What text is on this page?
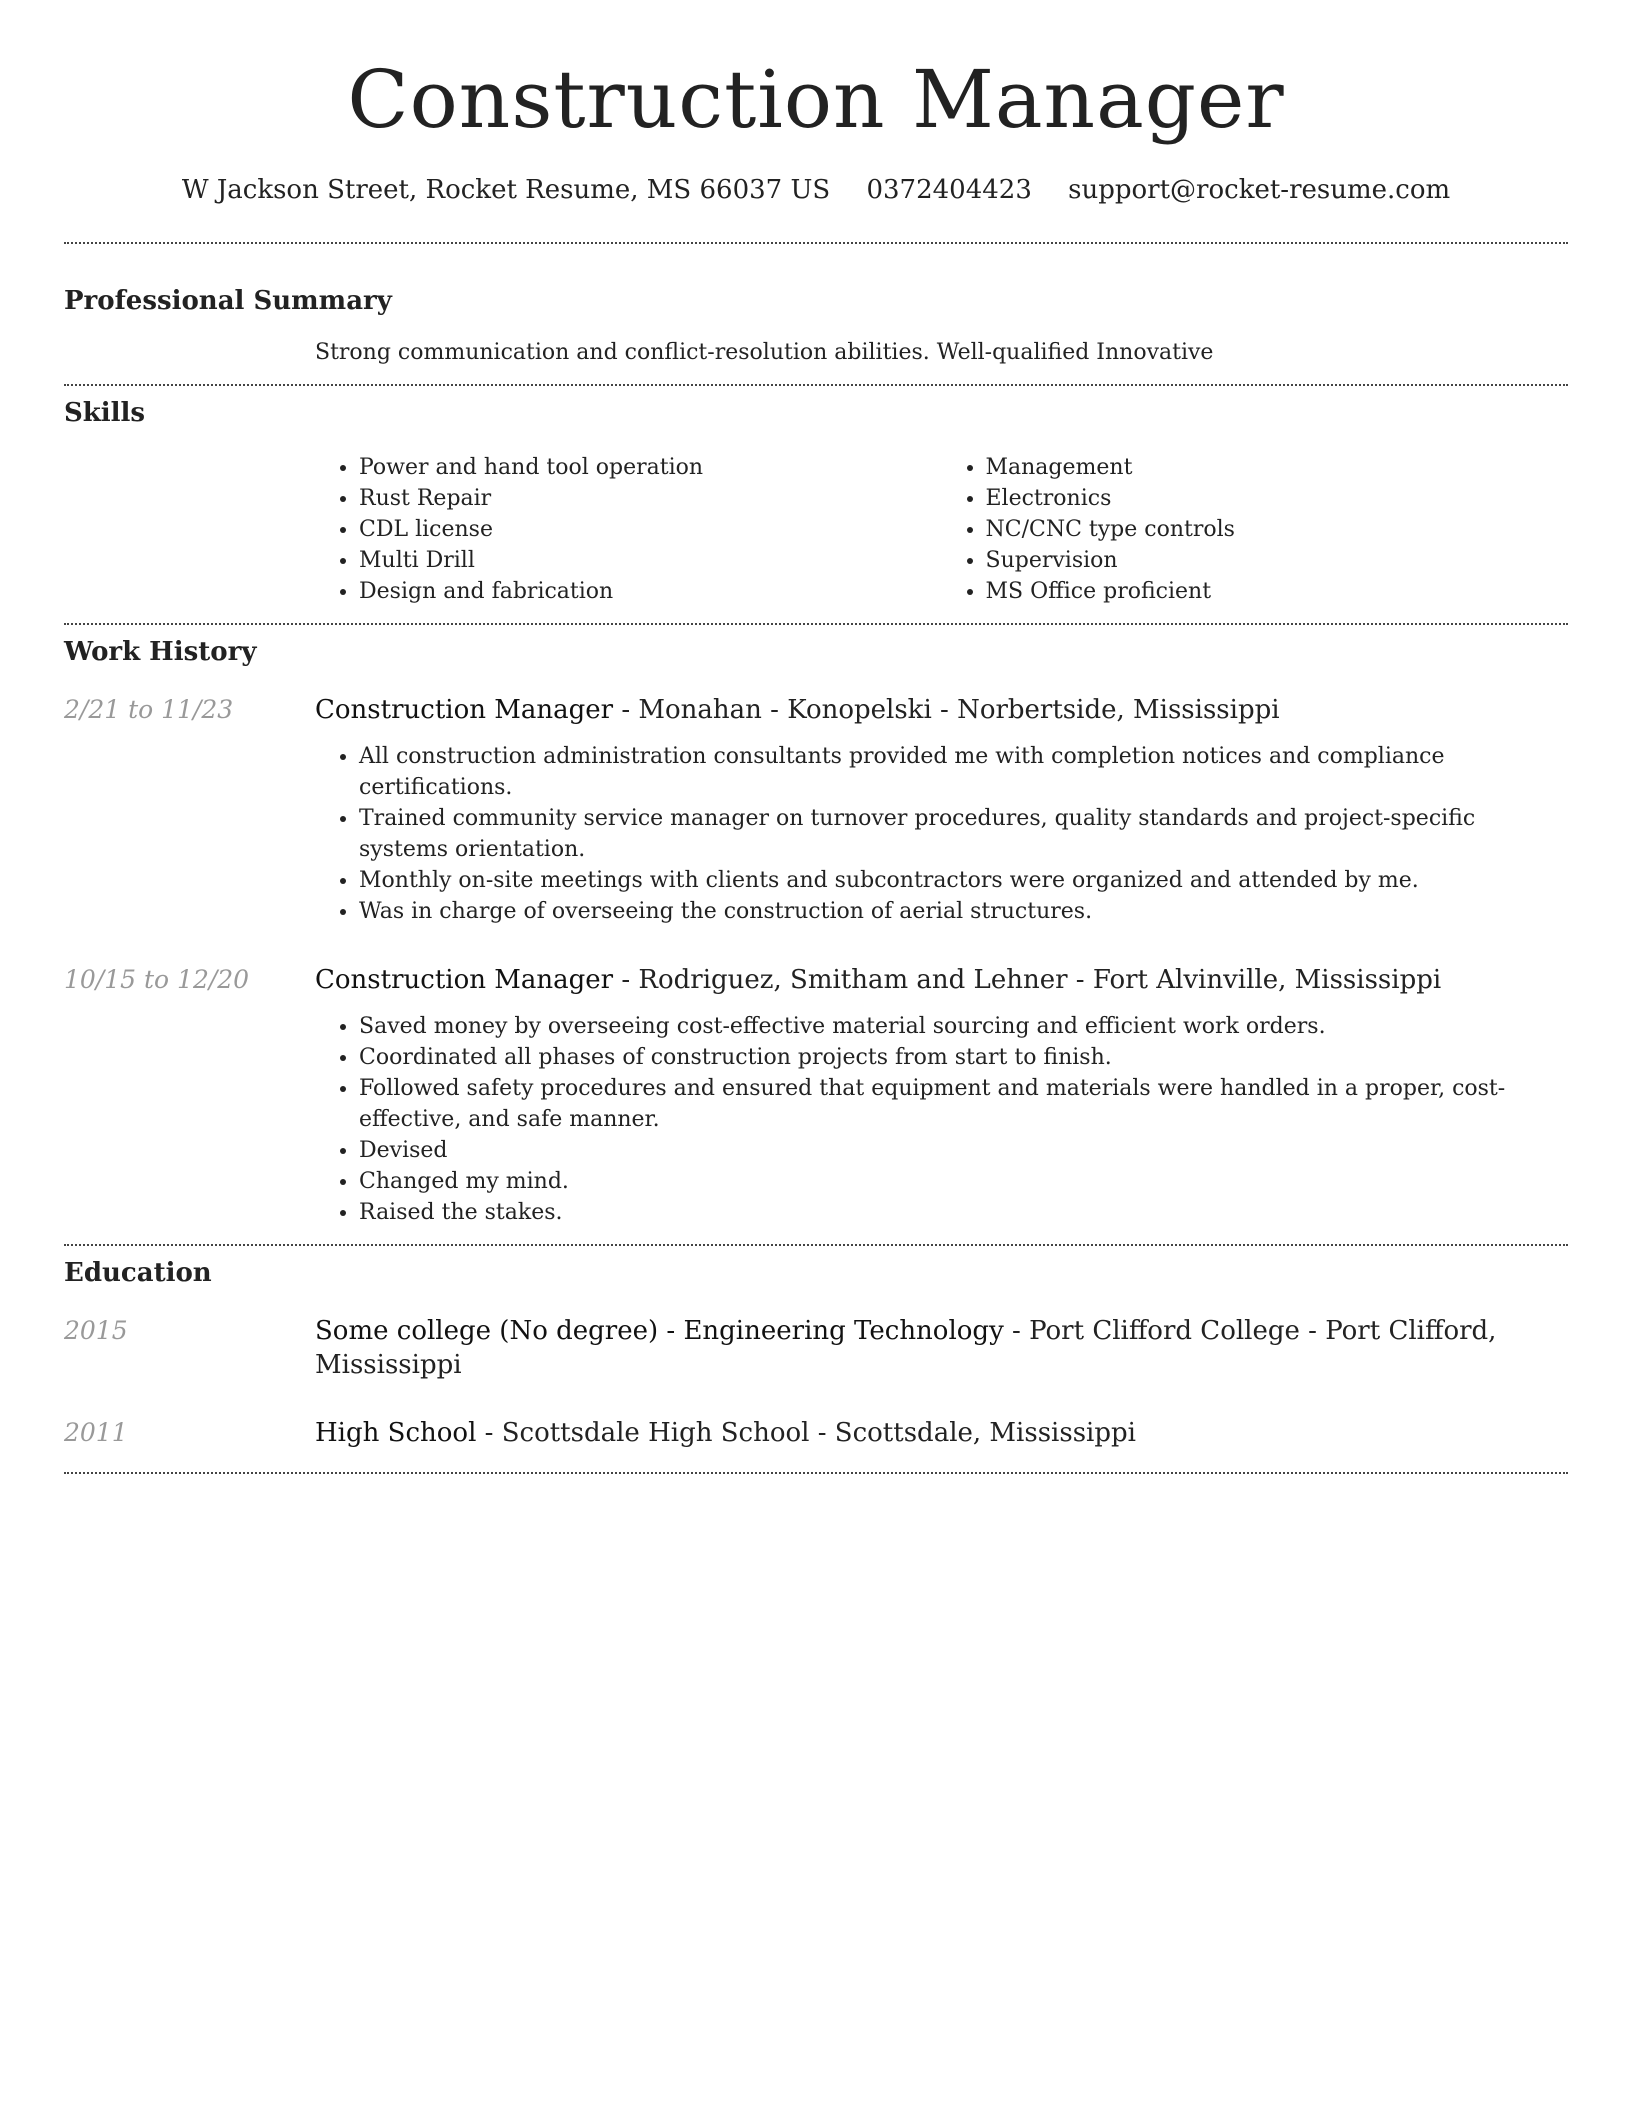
Construction Manager
W Jackson Street, Rocket Resume, MS 66037 US 0372404423 support@rocket-resume.com
Professional Summary
Strong communication and conflict-resolution abilities. Well-qualified Innovative
Skills
• Power and hand tool operation
• Rust Repair
• CDL license
• Multi Drill
• Design and fabrication
• Management
• Electronics
• NC/CNC type controls
• Supervision
• MS Office proficient
Work History
2/21 to 11/23	Construction Manager - Monahan - Konopelski - Norbertside, Mississippi
• All construction administration consultants provided me with completion notices and compliance certifications.
• Trained community service manager on turnover procedures, quality standards and project-specific systems orientation.
• Monthly on-site meetings with clients and subcontractors were organized and attended by me.
• Was in charge of overseeing the construction of aerial structures.
10/15 to 12/20	Construction Manager - Rodriguez, Smitham and Lehner - Fort Alvinville, Mississippi
• Saved money by overseeing cost-effective material sourcing and efficient work orders.
• Coordinated all phases of construction projects from start to finish.
• Followed safety procedures and ensured that equipment and materials were handled in a proper, cost-effective, and safe manner.
• Devised
• Changed my mind.
• Raised the stakes.
Education
2015	Some college (No degree) - Engineering Technology - Port Clifford College - Port Clifford, Mississippi
2011	High School - Scottsdale High School - Scottsdale, Mississippi
